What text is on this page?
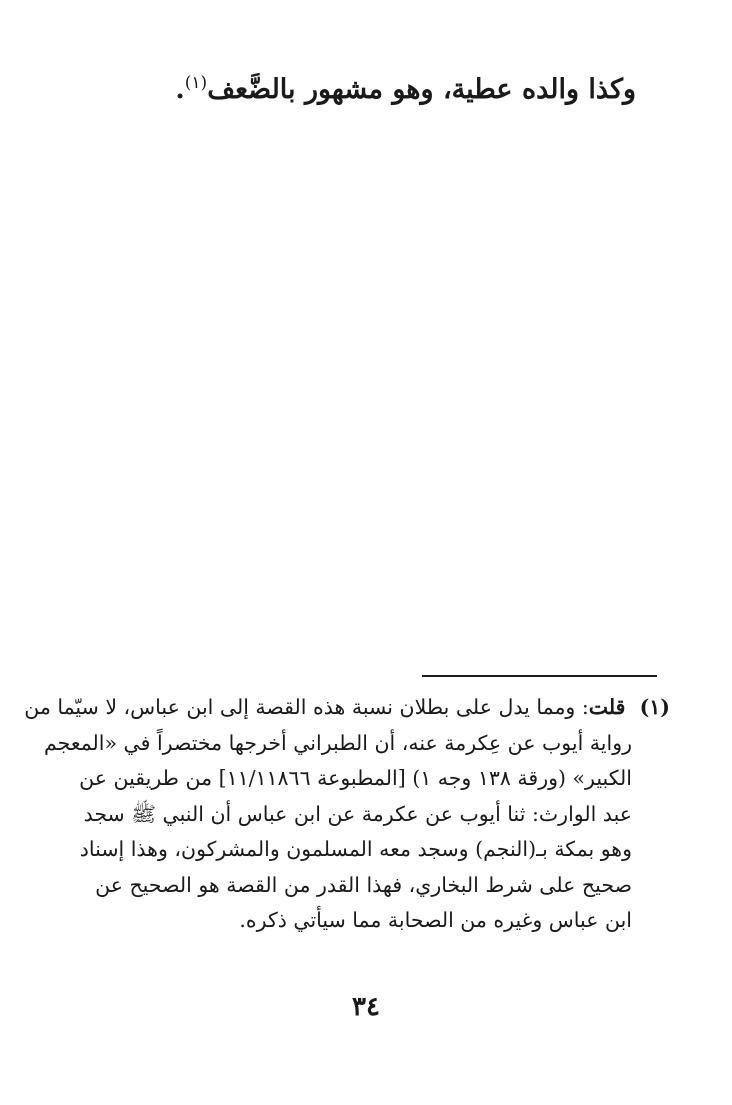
وكذا والده عطية، وهو مشهور بالضَّعف$^{(١)}$.
(١) قلت: ومما يدل على بطلان نسبة هذه القصة إلى ابن عباس، لا سيّما من
رواية أيوب عن عِكرمة عنه، أن الطبراني أخرجها مختصراً في «المعجم
الكبير» (ورقة ١٣٨ وجه ١) [المطبوعة ١١/١١٨٦٦] من طريقين عن
عبد الوارث: ثنا أيوب عن عكرمة عن ابن عباس أن النبي ﷺ سجد
وهو بمكة بـ(النجم) وسجد معه المسلمون والمشركون، وهذا إسناد
صحيح على شرط البخاري، فهذا القدر من القصة هو الصحيح عن
ابن عباس وغيره من الصحابة مما سيأتي ذكره.
٣٤
